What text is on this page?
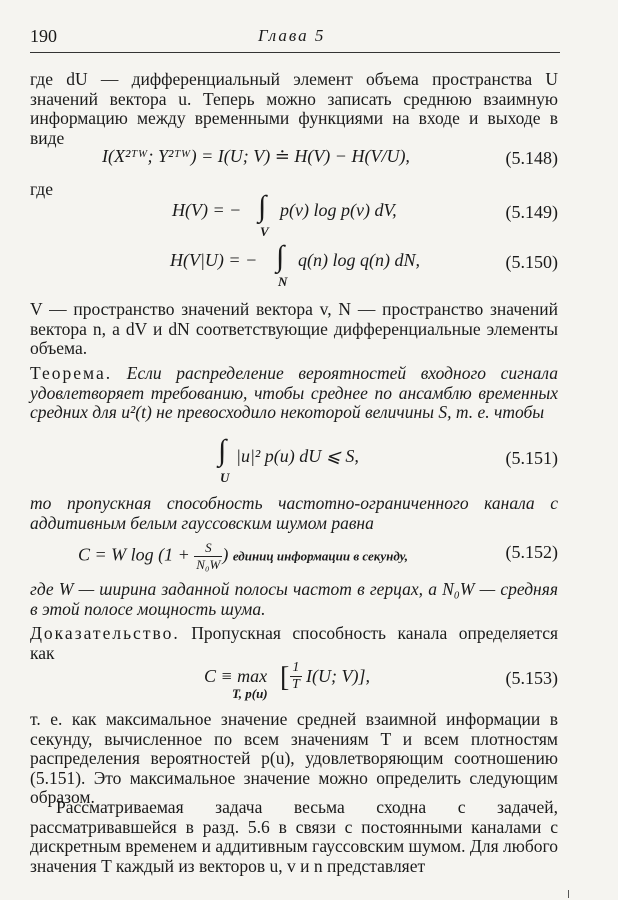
190	Глава 5
где dU — дифференциальный элемент объема пространства U значений вектора u. Теперь можно записать среднюю взаимную информацию между временными функциями на входе и выходе в виде
I(X²ᵀᵂ; Y²ᵀᵂ) = I(U; V) ≐ H(V) − H(V/U),	(5.148)
где
H(V) = − ∫
V
p(v) log p(v) dV,	(5.149)
H(V|U) = − ∫
N
q(n) log q(n) dN,	(5.150)
V — пространство значений вектора v, N — пространство значений вектора n, а dV и dN соответствующие дифференциальные элементы объема.
Теорема. Если распределение вероятностей входного сигнала удовлетворяет требованию, чтобы среднее по ансамблю временных средних для u²(t) не превосходило некоторой величины S, т. е. чтобы
∫
U
|u|² p(u) dU ⩽ S,	(5.151)
то пропускная способность частотно-ограниченного канала с аддитивным белым гауссовским шумом равна
C = W $\log (1 + \frac{S}{\text{N₀W}}$ ) единиц информации в секунду,	(5.152)
где W — ширина заданной полосы частот в герцах, а N₀W — средняя в этой полосе мощность шума.
Доказательство. Пропускная способность канала определяется как
C ≡ max
T, p(u)
[ $\frac{1}{T} I(U$; V)],	(5.153)
т. е. как максимальное значение средней взаимной информации в секунду, вычисленное по всем значениям T и всем плотностям распределения вероятностей p(u), удовлетворяющим соотношению (5.151). Это максимальное значение можно определить следующим образом.
Рассматриваемая задача весьма сходна с задачей, рассматривавшейся в разд. 5.6 в связи с постоянными каналами с дискретным временем и аддитивным гауссовским шумом. Для любого значения T каждый из векторов u, v и n представляет
